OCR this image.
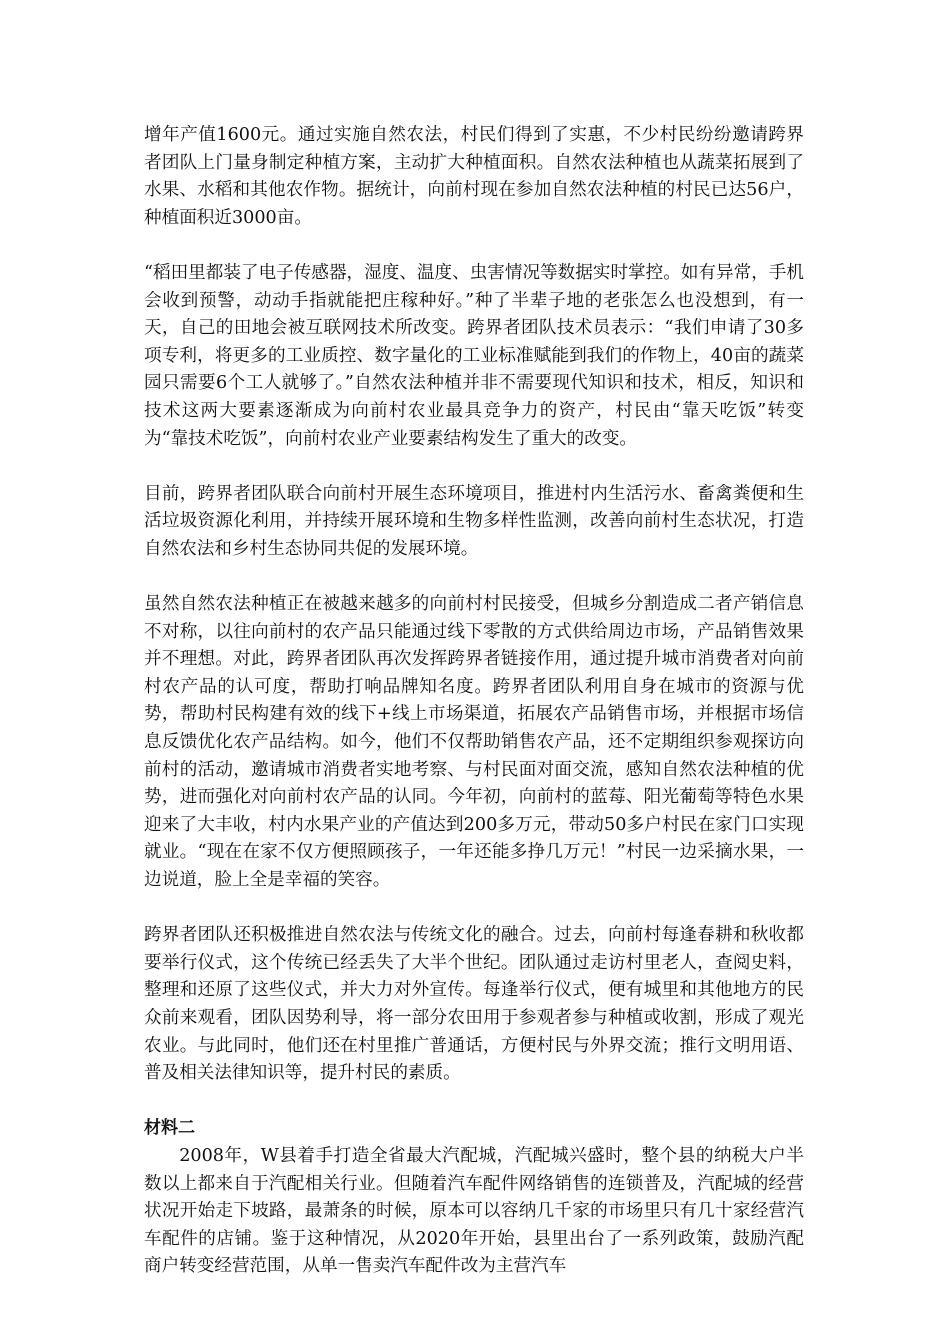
增年产值1600元。通过实施自然农法，村民们得到了实惠，不少村民纷纷邀请跨界者团队上门量身制定种植方案，主动扩大种植面积。自然农法种植也从蔬菜拓展到了水果、水稻和其他农作物。据统计，向前村现在参加自然农法种植的村民已达56户，种植面积近3000亩。

“稻田里都装了电子传感器，湿度、温度、虫害情况等数据实时掌控。如有异常，手机会收到预警，动动手指就能把庄稼种好。”种了半辈子地的老张怎么也没想到，有一天，自己的田地会被互联网技术所改变。跨界者团队技术员表示：“我们申请了30多项专利，将更多的工业质控、数字量化的工业标准赋能到我们的作物上，40亩的蔬菜园只需要6个工人就够了。”自然农法种植并非不需要现代知识和技术，相反，知识和技术这两大要素逐渐成为向前村农业最具竞争力的资产，村民由“靠天吃饭”转变为“靠技术吃饭”，向前村农业产业要素结构发生了重大的改变。

目前，跨界者团队联合向前村开展生态环境项目，推进村内生活污水、畜禽粪便和生活垃圾资源化利用，并持续开展环境和生物多样性监测，改善向前村生态状况，打造自然农法和乡村生态协同共促的发展环境。

虽然自然农法种植正在被越来越多的向前村村民接受，但城乡分割造成二者产销信息不对称，以往向前村的农产品只能通过线下零散的方式供给周边市场，产品销售效果并不理想。对此，跨界者团队再次发挥跨界者链接作用，通过提升城市消费者对向前村农产品的认可度，帮助打响品牌知名度。跨界者团队利用自身在城市的资源与优势，帮助村民构建有效的线下+线上市场渠道，拓展农产品销售市场，并根据市场信息反馈优化农产品结构。如今，他们不仅帮助销售农产品，还不定期组织参观探访向前村的活动，邀请城市消费者实地考察、与村民面对面交流，感知自然农法种植的优势，进而强化对向前村农产品的认同。今年初，向前村的蓝莓、阳光葡萄等特色水果迎来了大丰收，村内水果产业的产值达到200多万元，带动50多户村民在家门口实现就业。“现在在家不仅方便照顾孩子，一年还能多挣几万元！”村民一边采摘水果，一边说道，脸上全是幸福的笑容。

跨界者团队还积极推进自然农法与传统文化的融合。过去，向前村每逢春耕和秋收都要举行仪式，这个传统已经丢失了大半个世纪。团队通过走访村里老人，查阅史料，整理和还原了这些仪式，并大力对外宣传。每逢举行仪式，便有城里和其他地方的民众前来观看，团队因势利导，将一部分农田用于参观者参与种植或收割，形成了观光农业。与此同时，他们还在村里推广普通话，方便村民与外界交流；推行文明用语、普及相关法律知识等，提升村民的素质。

材料二

2008年，W县着手打造全省最大汽配城，汽配城兴盛时，整个县的纳税大户半数以上都来自于汽配相关行业。但随着汽车配件网络销售的连锁普及，汽配城的经营状况开始走下坡路，最萧条的时候，原本可以容纳几千家的市场里只有几十家经营汽车配件的店铺。鉴于这种情况，从2020年开始，县里出台了一系列政策，鼓励汽配商户转变经营范围，从单一售卖汽车配件改为主营汽车
